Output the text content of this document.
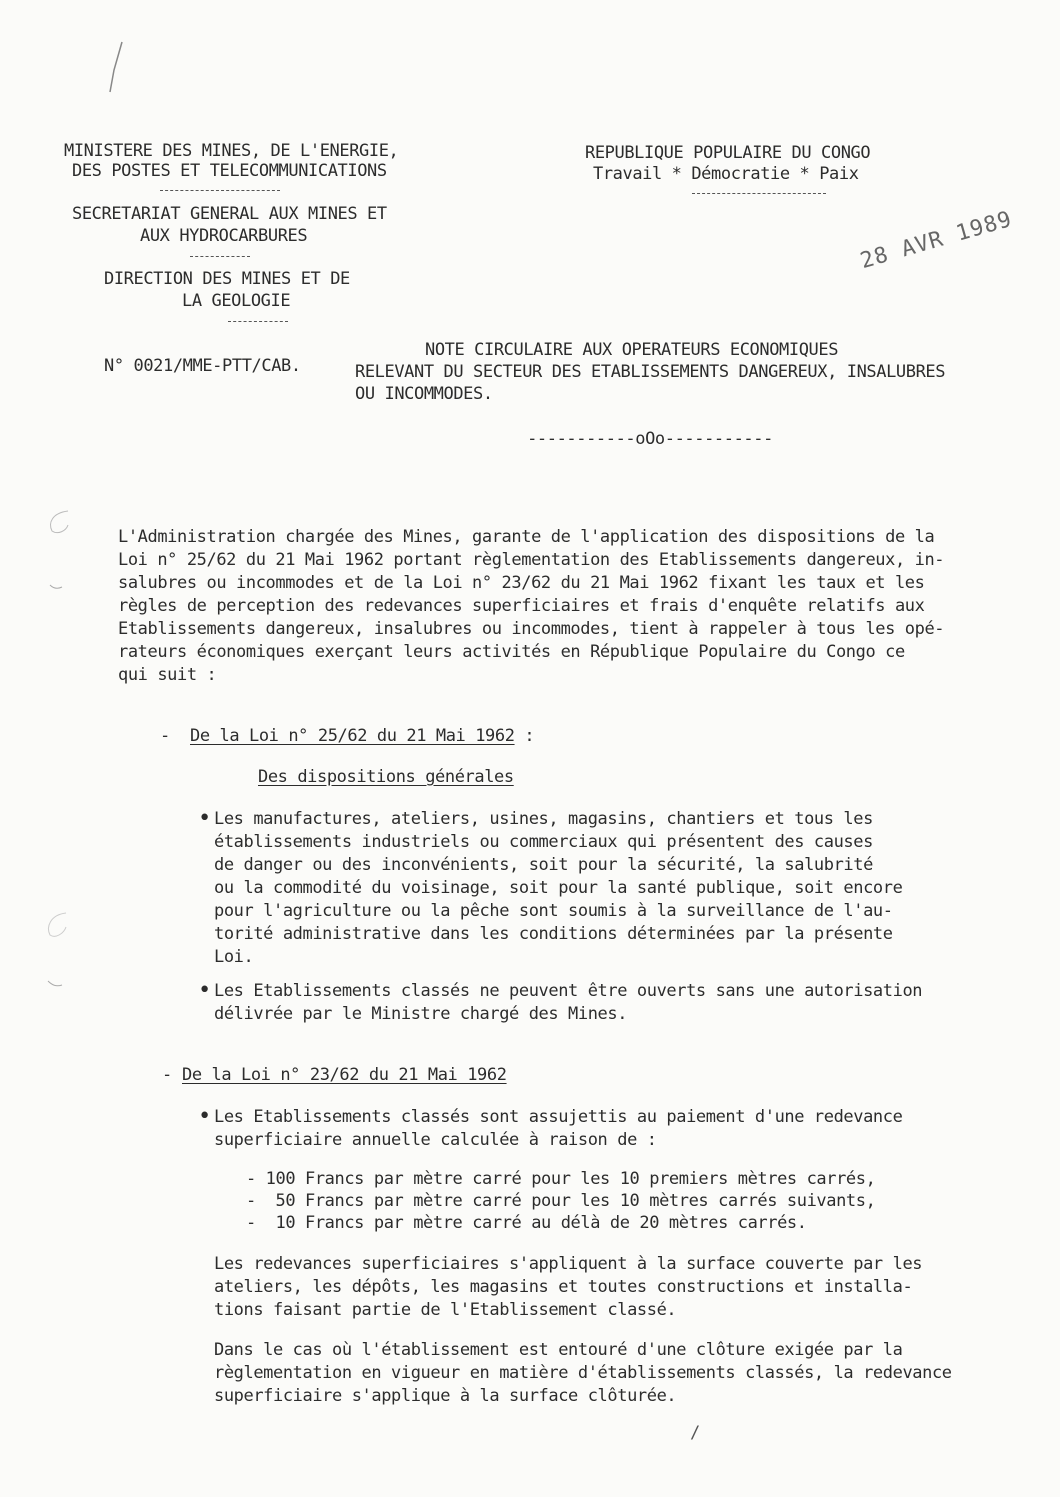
MINISTERE DES MINES, DE L'ENERGIE,
DES POSTES ET TELECOMMUNICATIONS
SECRETARIAT GENERAL AUX MINES ET
AUX HYDROCARBURES
DIRECTION DES MINES ET DE
LA GEOLOGIE
N° 0021/MME-PTT/CAB.
REPUBLIQUE POPULAIRE DU CONGO
Travail * Démocratie * Paix
28 AVR 1989
NOTE CIRCULAIRE AUX OPERATEURS ECONOMIQUES
RELEVANT DU SECTEUR DES ETABLISSEMENTS DANGEREUX, INSALUBRES
OU INCOMMODES.
-----------oOo-----------
L'Administration chargée des Mines, garante de l'application des dispositions de la
Loi n° 25/62 du 21 Mai 1962 portant règlementation des Etablissements dangereux, in-
salubres ou incommodes et de la Loi n° 23/62 du 21 Mai 1962 fixant les taux et les
règles de perception des redevances superficiaires et frais d'enquête relatifs aux
Etablissements dangereux, insalubres ou incommodes, tient à rappeler à tous les opé-
rateurs économiques exerçant leurs activités en République Populaire du Congo ce
qui suit :
- De la Loi n° 25/62 du 21 Mai 1962 :
Des dispositions générales
• Les manufactures, ateliers, usines, magasins, chantiers et tous les
établissements industriels ou commerciaux qui présentent des causes
de danger ou des inconvénients, soit pour la sécurité, la salubrité
ou la commodité du voisinage, soit pour la santé publique, soit encore
pour l'agriculture ou la pêche sont soumis à la surveillance de l'au-
torité administrative dans les conditions déterminées par la présente
Loi.
• Les Etablissements classés ne peuvent être ouverts sans une autorisation
délivrée par le Ministre chargé des Mines.
- De la Loi n° 23/62 du 21 Mai 1962
• Les Etablissements classés sont assujettis au paiement d'une redevance
superficiaire annuelle calculée à raison de :
- 100 Francs par mètre carré pour les 10 premiers mètres carrés,
-  50 Francs par mètre carré pour les 10 mètres carrés suivants,
-  10 Francs par mètre carré au délà de 20 mètres carrés.
Les redevances superficiaires s'appliquent à la surface couverte par les
ateliers, les dépôts, les magasins et toutes constructions et installa-
tions faisant partie de l'Etablissement classé.
Dans le cas où l'établissement est entouré d'une clôture exigée par la
règlementation en vigueur en matière d'établissements classés, la redevance
superficiaire s'applique à la surface clôturée.
/
